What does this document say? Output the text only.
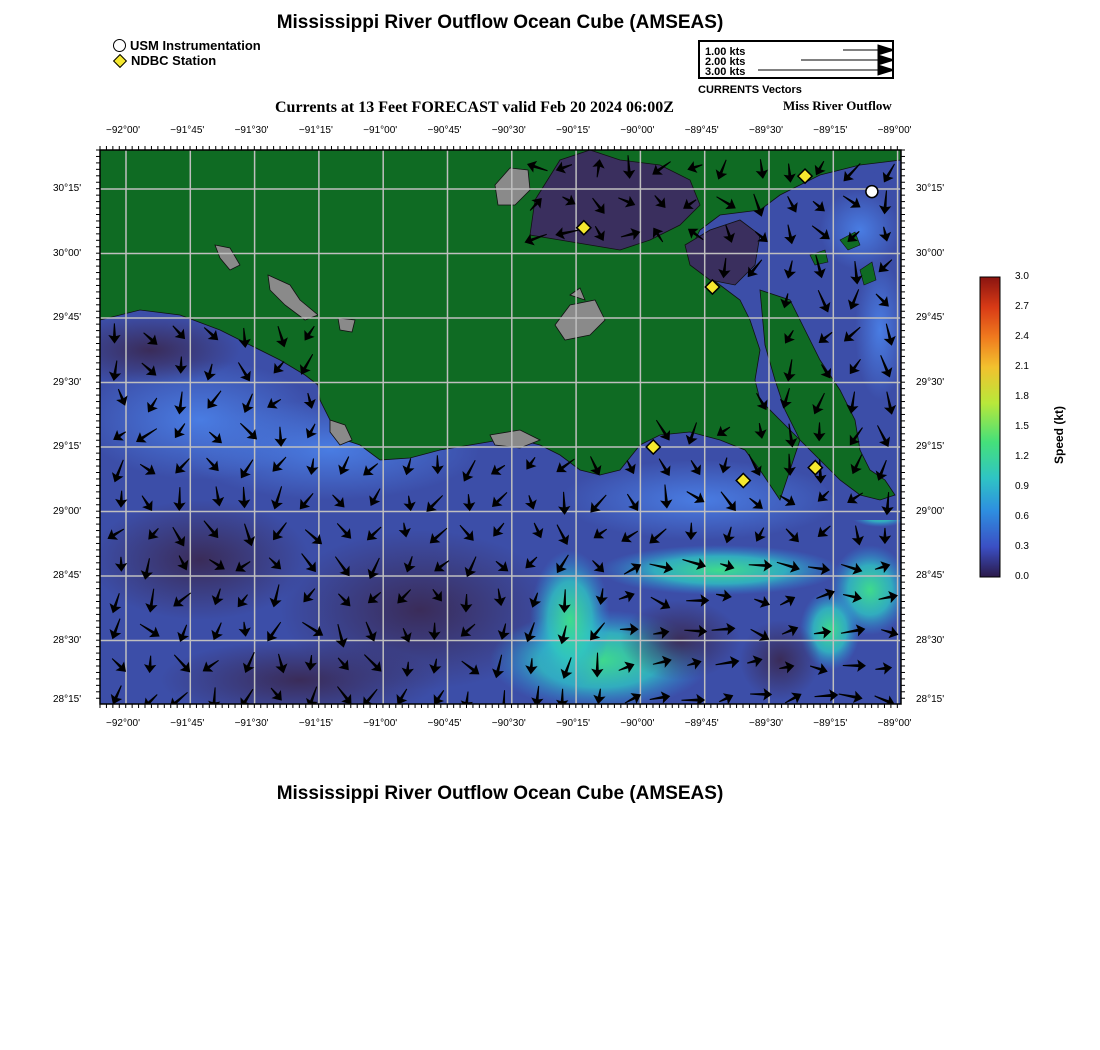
Mississippi River Outflow Ocean Cube (AMSEAS)
USM Instrumentation
NDBC Station
1.00 kts
2.00 kts
3.00 kts
CURRENTS Vectors
Currents at 13 Feet FORECAST valid Feb 20 2024 06:00Z	Miss River Outflow
−92°00'
−92°00'
−91°45'
−91°45'
−91°30'
−91°30'
−91°15'
−91°15'
−91°00'
−91°00'
−90°45'
−90°45'
−90°30'
−90°30'
−90°15'
−90°15'
−90°00'
−90°00'
−89°45'
−89°45'
−89°30'
−89°30'
−89°15'
−89°15'
−89°00'
−89°00'
30°15'	30°15'
30°00'	30°00'
29°45'	29°45'
29°30'	29°30'
29°15'	29°15'
29°00'	29°00'
28°45'	28°45'
28°30'	28°30'
28°15'	28°15'
3.0
2.7
2.4
2.1
1.8
1.5
1.2
0.9
0.6
0.3
0.0
Speed (kt)
Mississippi River Outflow Ocean Cube (AMSEAS)
